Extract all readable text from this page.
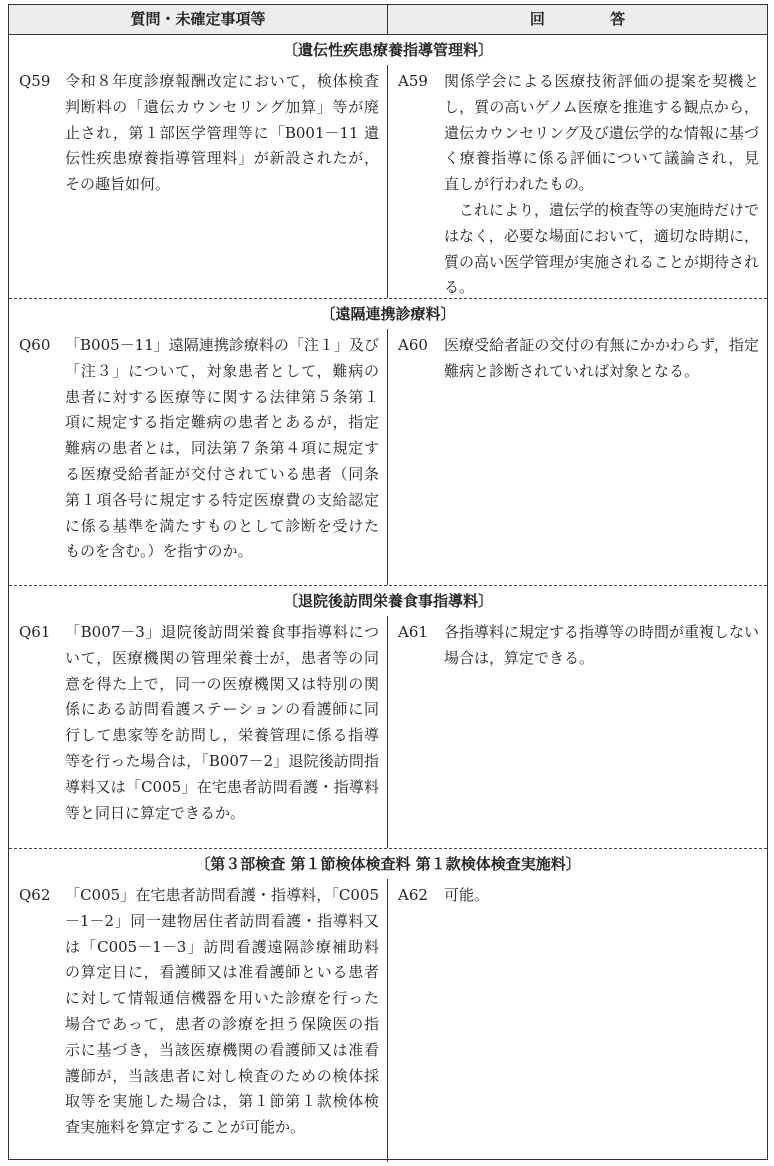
質問・未確定事項等	回 答
〔遺伝性疾患療養指導管理料〕
Q59 令和８年度診療報酬改定において，検体検査判断料の「遺伝カウンセリング加算」等が廃止され，第１部医学管理等に「B001－11 遺伝性疾患療養指導管理料」が新設されたが，その趣旨如何。
A59	関係学会による医療技術評価の提案を契機とし，質の高いゲノム医療を推進する観点から，遺伝カウンセリング及び遺伝学的な情報に基づく療養指導に係る評価について議論され，見直しが行われたもの。
これにより，遺伝学的検査等の実施時だけではなく，必要な場面において，適切な時期に，質の高い医学管理が実施されることが期待される。
〔遠隔連携診療料〕
Q60 「B005－11」遠隔連携診療料の「注１」及び「注３」について，対象患者として，難病の患者に対する医療等に関する法律第５条第１項に規定する指定難病の患者とあるが，指定難病の患者とは，同法第７条第４項に規定する医療受給者証が交付されている患者（同条第１項各号に規定する特定医療費の支給認定に係る基準を満たすものとして診断を受けたものを含む。）を指すのか。
A60	医療受給者証の交付の有無にかかわらず，指定難病と診断されていれば対象となる。
〔退院後訪問栄養食事指導料〕
Q61 「B007－3」退院後訪問栄養食事指導料について，医療機関の管理栄養士が，患者等の同意を得た上で，同一の医療機関又は特別の関係にある訪問看護ステーションの看護師に同行して患家等を訪問し，栄養管理に係る指導等を行った場合は，「B007－2」退院後訪問指導料又は「C005」在宅患者訪問看護・指導料等と同日に算定できるか。
A61	各指導料に規定する指導等の時間が重複しない場合は，算定できる。
〔第３部検査 第１節検体検査料 第１款検体検査実施料〕
Q62 「C005」在宅患者訪問看護・指導料，「C005－1－2」同一建物居住者訪問看護・指導料又は「C005－1－3」訪問看護遠隔診療補助料の算定日に，看護師又は准看護師といる患者に対して情報通信機器を用いた診療を行った場合であって，患者の診療を担う保険医の指示に基づき，当該医療機関の看護師又は准看護師が，当該患者に対し検査のための検体採取等を実施した場合は，第１節第１款検体検査実施料を算定することが可能か。
A62	可能。
